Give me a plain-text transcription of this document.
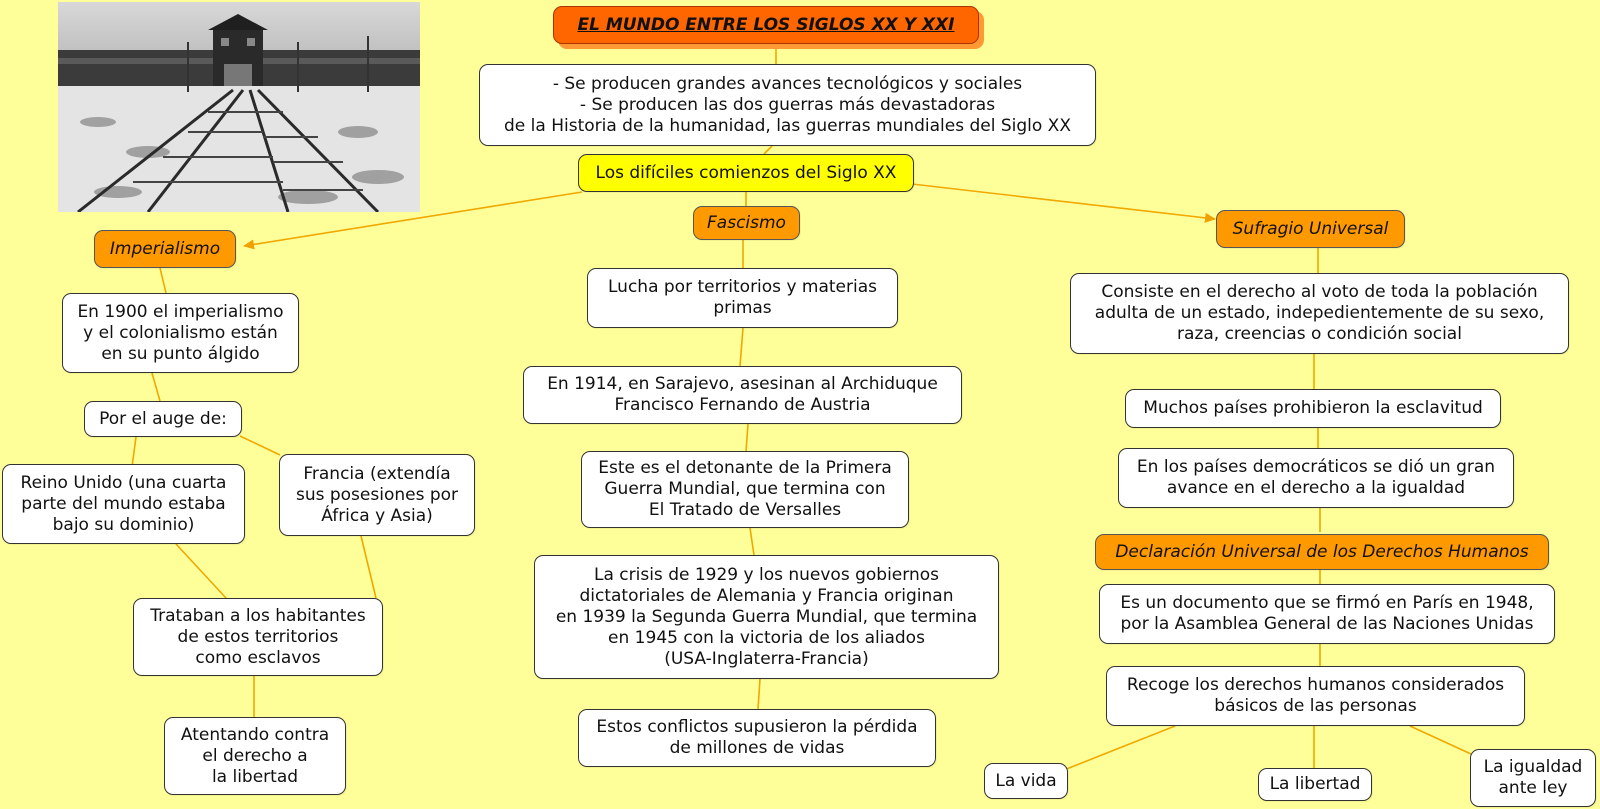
EL MUNDO ENTRE LOS SIGLOS XX Y XXI
- Se producen grandes avances tecnológicos y sociales
- Se producen las dos guerras más devastadoras
de la Historia de la humanidad, las guerras mundiales del Siglo XX
Los difíciles comienzos del Siglo XX
Imperialismo
En 1900 el imperialismo
y el colonialismo están
en su punto álgido
Por el auge de:
Reino Unido (una cuarta
parte del mundo estaba
bajo su dominio)
Francia (extendía
sus posesiones por
África y Asia)
Trataban a los habitantes
de estos territorios
como esclavos
Atentando contra
el derecho a
la libertad
Fascismo
Lucha por territorios y materias
primas
En 1914, en Sarajevo, asesinan al Archiduque
Francisco Fernando de Austria
Este es el detonante de la Primera
Guerra Mundial, que termina con
El Tratado de Versalles
La crisis de 1929 y los nuevos gobiernos
dictatoriales de Alemania y Francia originan
en 1939 la Segunda Guerra Mundial, que termina
en 1945 con la victoria de los aliados
(USA-Inglaterra-Francia)
Estos conflictos supusieron la pérdida
de millones de vidas
Sufragio Universal
Consiste en el derecho al voto de toda la población
adulta de un estado, indepedientemente de su sexo,
raza, creencias o condición social
Muchos países prohibieron la esclavitud
En los países democráticos se dió un gran
avance en el derecho a la igualdad
Declaración Universal de los Derechos Humanos
Es un documento que se firmó en París en 1948,
por la Asamblea General de las Naciones Unidas
Recoge los derechos humanos considerados
básicos de las personas
La vida	La libertad
La igualdad
ante ley
